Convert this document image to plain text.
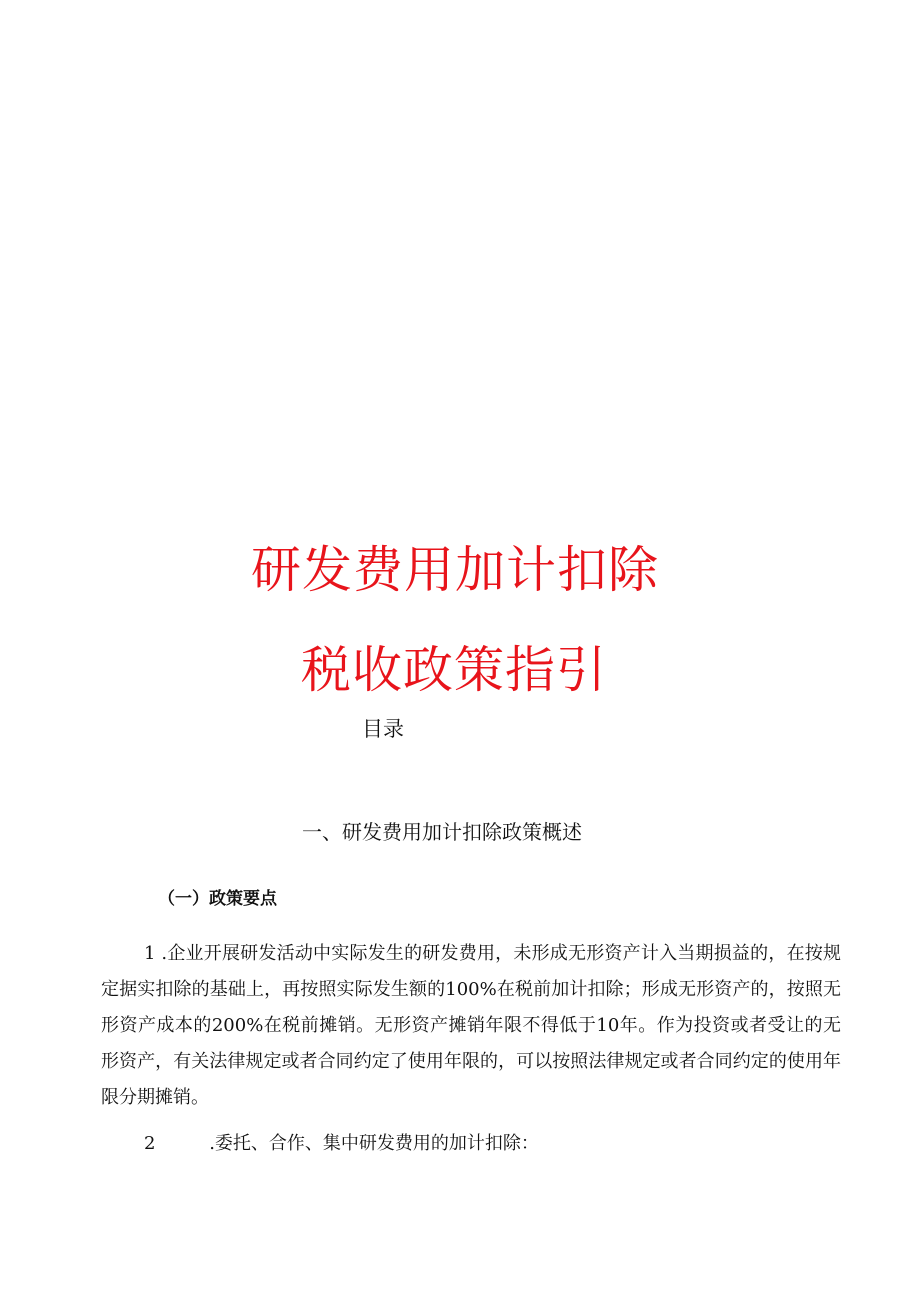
研发费用加计扣除
税收政策指引
目录
一、研发费用加计扣除政策概述
（一）政策要点
1 .企业开展研发活动中实际发生的研发费用，未形成无形资产计入当期损益的，在按规定据实扣除的基础上，再按照实际发生额的100%在税前加计扣除；形成无形资产的，按照无形资产成本的200%在税前摊销。无形资产摊销年限不得低于10年。作为投资或者受让的无形资产，有关法律规定或者合同约定了使用年限的，可以按照法律规定或者合同约定的使用年限分期摊销。
2	.委托、合作、集中研发费用的加计扣除：
